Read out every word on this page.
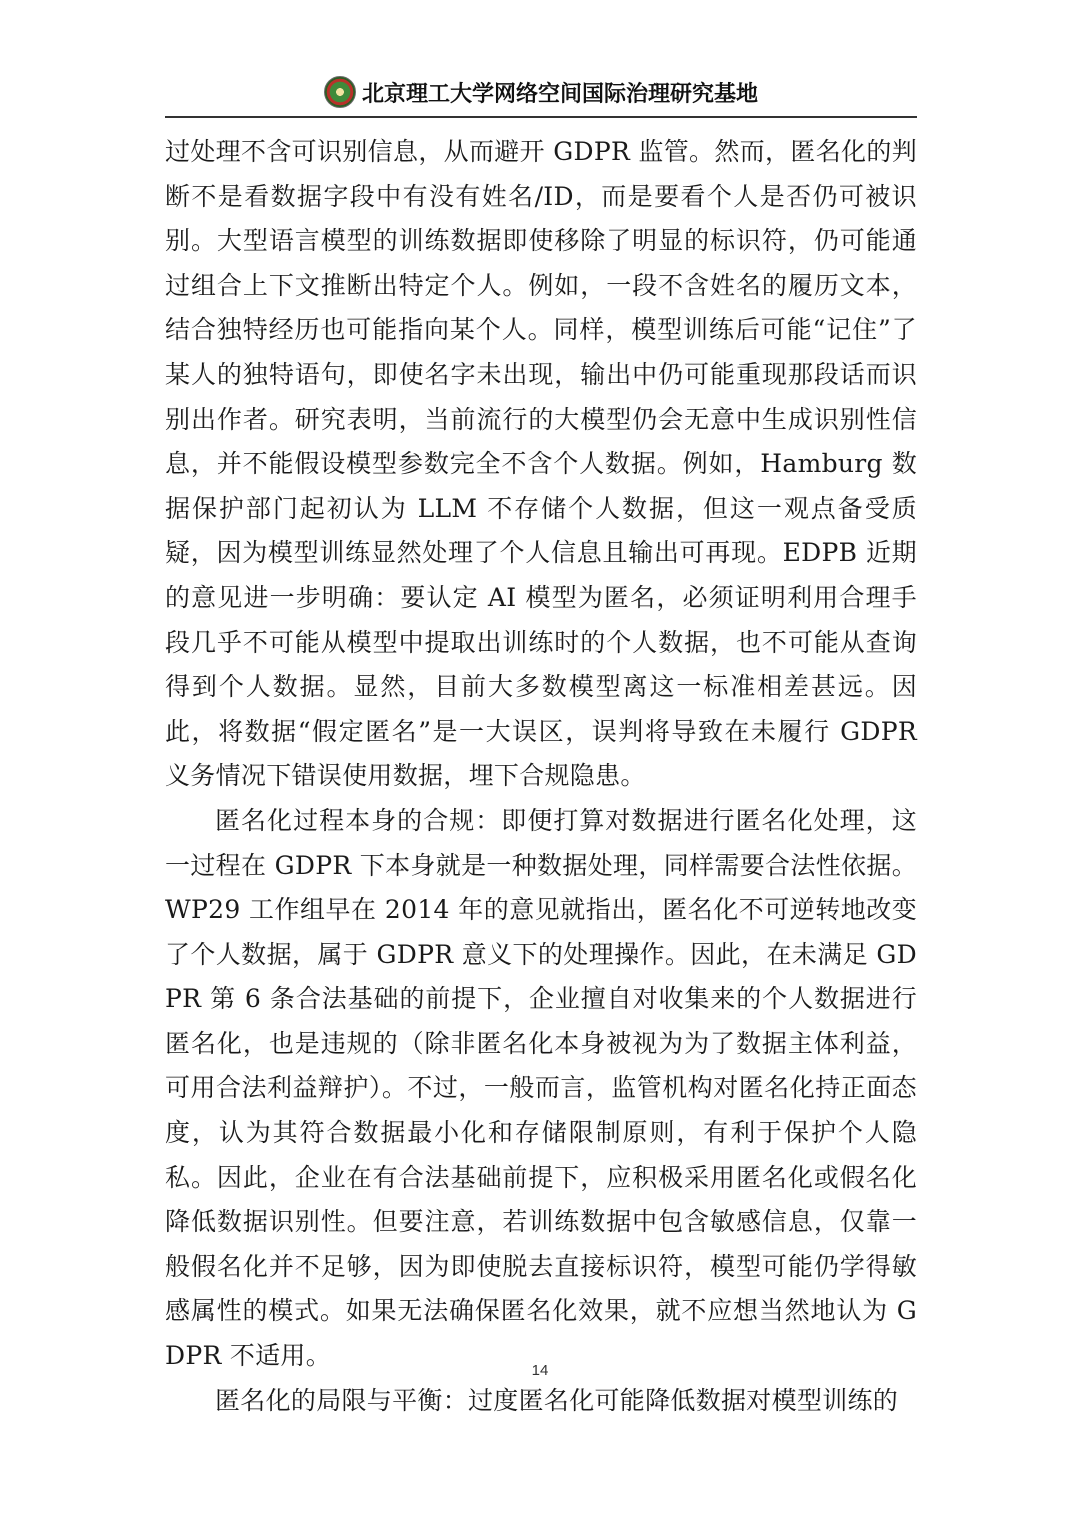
北京理工大学网络空间国际治理研究基地

过处理不含可识别信息，从而避开 GDPR 监管。然而，匿名化的判断不是看数据字段中有没有姓名/ID，而是要看个人是否仍可被识别。大型语言模型的训练数据即使移除了明显的标识符，仍可能通过组合上下文推断出特定个人。例如，一段不含姓名的履历文本，结合独特经历也可能指向某个人。同样，模型训练后可能“记住”了某人的独特语句，即使名字未出现，输出中仍可能重现那段话而识别出作者。研究表明，当前流行的大模型仍会无意中生成识别性信息，并不能假设模型参数完全不含个人数据。例如，Hamburg 数据保护部门起初认为 LLM 不存储个人数据，但这一观点备受质疑，因为模型训练显然处理了个人信息且输出可再现。EDPB 近期的意见进一步明确：要认定 AI 模型为匿名，必须证明利用合理手段几乎不可能从模型中提取出训练时的个人数据，也不可能从查询得到个人数据。显然，目前大多数模型离这一标准相差甚远。因此，将数据“假定匿名”是一大误区，误判将导致在未履行 GDPR 义务情况下错误使用数据，埋下合规隐患。

匿名化过程本身的合规：即便打算对数据进行匿名化处理，这一过程在 GDPR 下本身就是一种数据处理，同样需要合法性依据。WP29 工作组早在 2014 年的意见就指出，匿名化不可逆转地改变了个人数据，属于 GDPR 意义下的处理操作。因此，在未满足 GDPR 第 6 条合法基础的前提下，企业擅自对收集来的个人数据进行匿名化，也是违规的（除非匿名化本身被视为为了数据主体利益，可用合法利益辩护）。不过，一般而言，监管机构对匿名化持正面态度，认为其符合数据最小化和存储限制原则，有利于保护个人隐私。因此，企业在有合法基础前提下，应积极采用匿名化或假名化降低数据识别性。但要注意，若训练数据中包含敏感信息，仅靠一般假名化并不足够，因为即使脱去直接标识符，模型可能仍学得敏感属性的模式。如果无法确保匿名化效果，就不应想当然地认为 GDPR 不适用。

匿名化的局限与平衡：过度匿名化可能降低数据对模型训练的

14
